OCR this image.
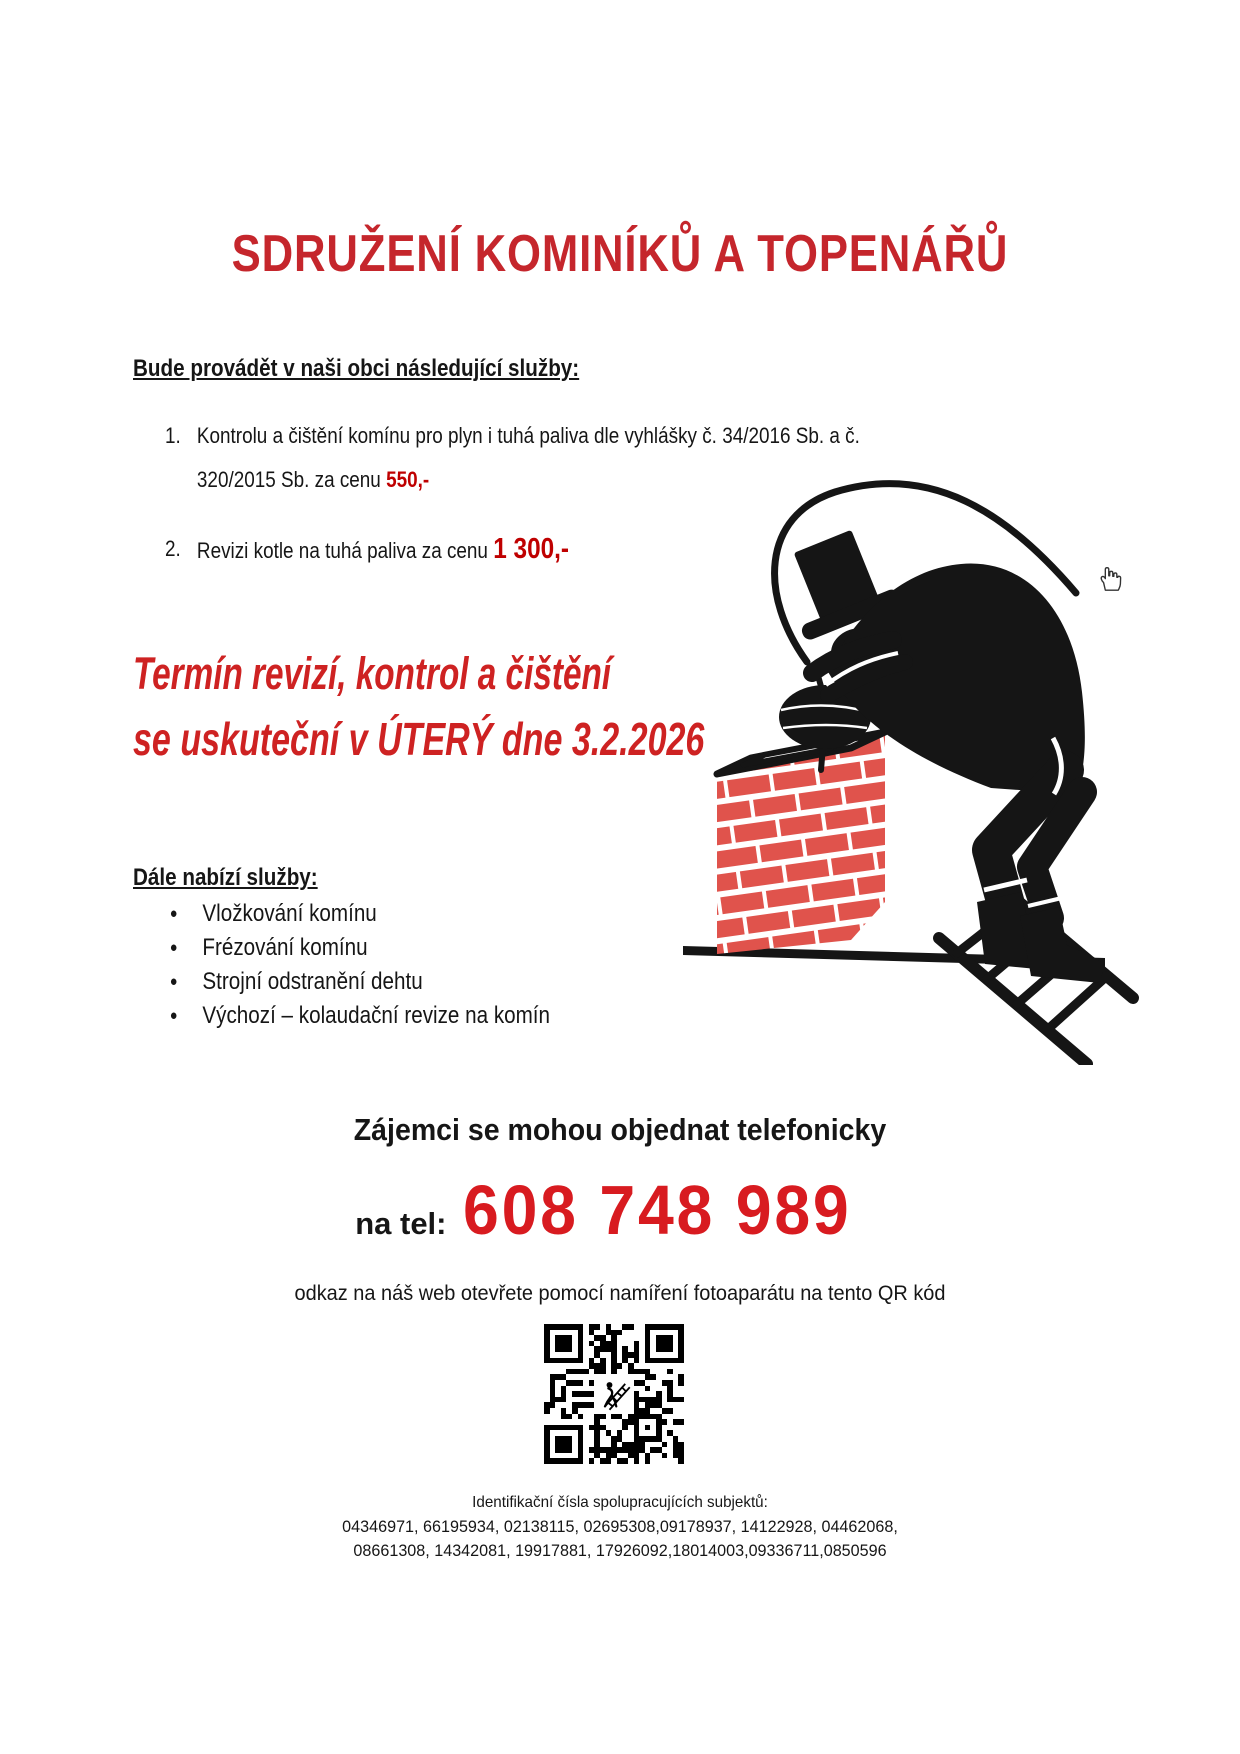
SDRUŽENÍ KOMINÍKŮ A TOPENÁŘŮ
Bude provádět v naši obci následující služby:
1. Kontrolu a čištění komínu pro plyn i tuhá paliva dle vyhlášky č. 34/2016 Sb. a č.
320/2015 Sb. za cenu 550,-
2. Revizi kotle na tuhá paliva za cenu 1 300,-
Termín revizí, kontrol a čištění
se uskuteční v ÚTERÝ dne 3.2.2026
Dále nabízí služby:
● Vložkování komínu
● Frézování komínu
● Strojní odstranění dehtu
● Výchozí – kolaudační revize na komín
Zájemci se mohou objednat telefonicky
na tel: 608 748 989
odkaz na náš web otevřete pomocí namíření fotoaparátu na tento QR kód
Identifikační čísla spolupracujících subjektů:
04346971, 66195934, 02138115, 02695308,09178937, 14122928, 04462068,
08661308, 14342081, 19917881, 17926092,18014003,09336711,0850596
